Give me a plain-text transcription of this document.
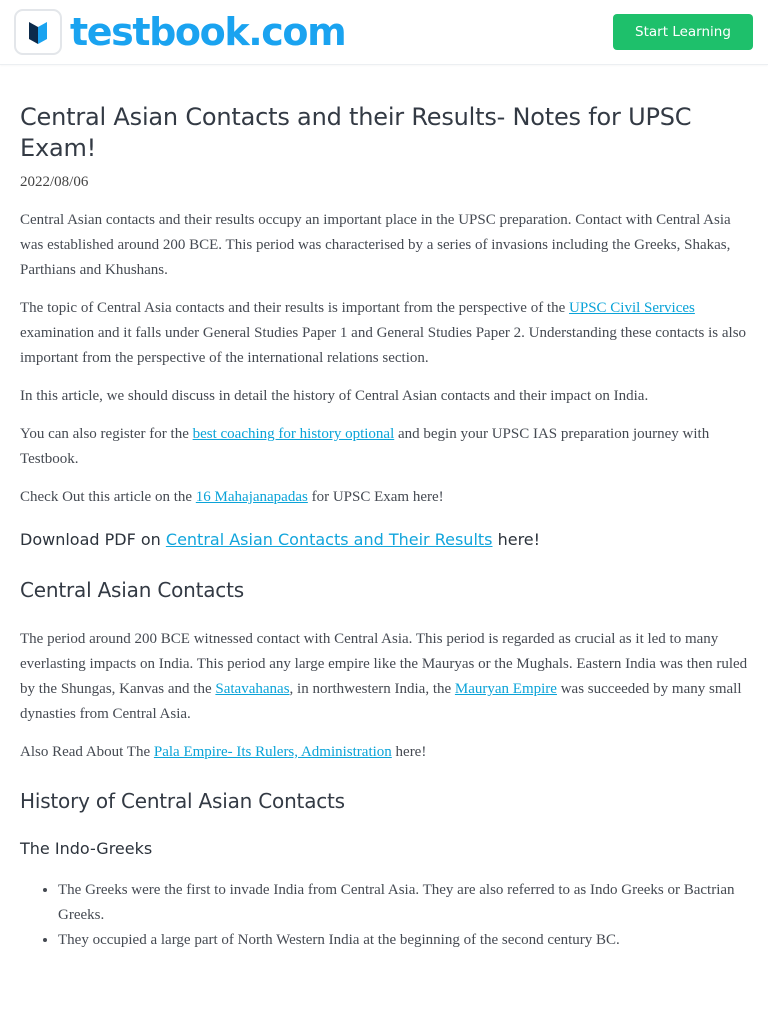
testbook.com	Start Learning
Central Asian Contacts and their Results- Notes for UPSC Exam!
2022/08/06

Central Asian contacts and their results occupy an important place in the UPSC preparation. Contact with Central Asia was established around 200 BCE. This period was characterised by a series of invasions including the Greeks, Shakas, Parthians and Khushans.

The topic of Central Asia contacts and their results is important from the perspective of the UPSC Civil Services examination and it falls under General Studies Paper 1 and General Studies Paper 2. Understanding these contacts is also important from the perspective of the international relations section.

In this article, we should discuss in detail the history of Central Asian contacts and their impact on India.

You can also register for the best coaching for history optional and begin your UPSC IAS preparation journey with Testbook.

Check Out this article on the 16 Mahajanapadas for UPSC Exam here!

Download PDF on Central Asian Contacts and Their Results here!
Central Asian Contacts

The period around 200 BCE witnessed contact with Central Asia. This period is regarded as crucial as it led to many everlasting impacts on India. This period any large empire like the Mauryas or the Mughals. Eastern India was then ruled by the Shungas, Kanvas and the Satavahanas, in northwestern India, the Mauryan Empire was succeeded by many small dynasties from Central Asia.

Also Read About The Pala Empire- Its Rulers, Administration here!

History of Central Asian Contacts
The Indo-Greeks
• The Greeks were the first to invade India from Central Asia. They are also referred to as Indo Greeks or Bactrian Greeks.
• They occupied a large part of North Western India at the beginning of the second century BC.
